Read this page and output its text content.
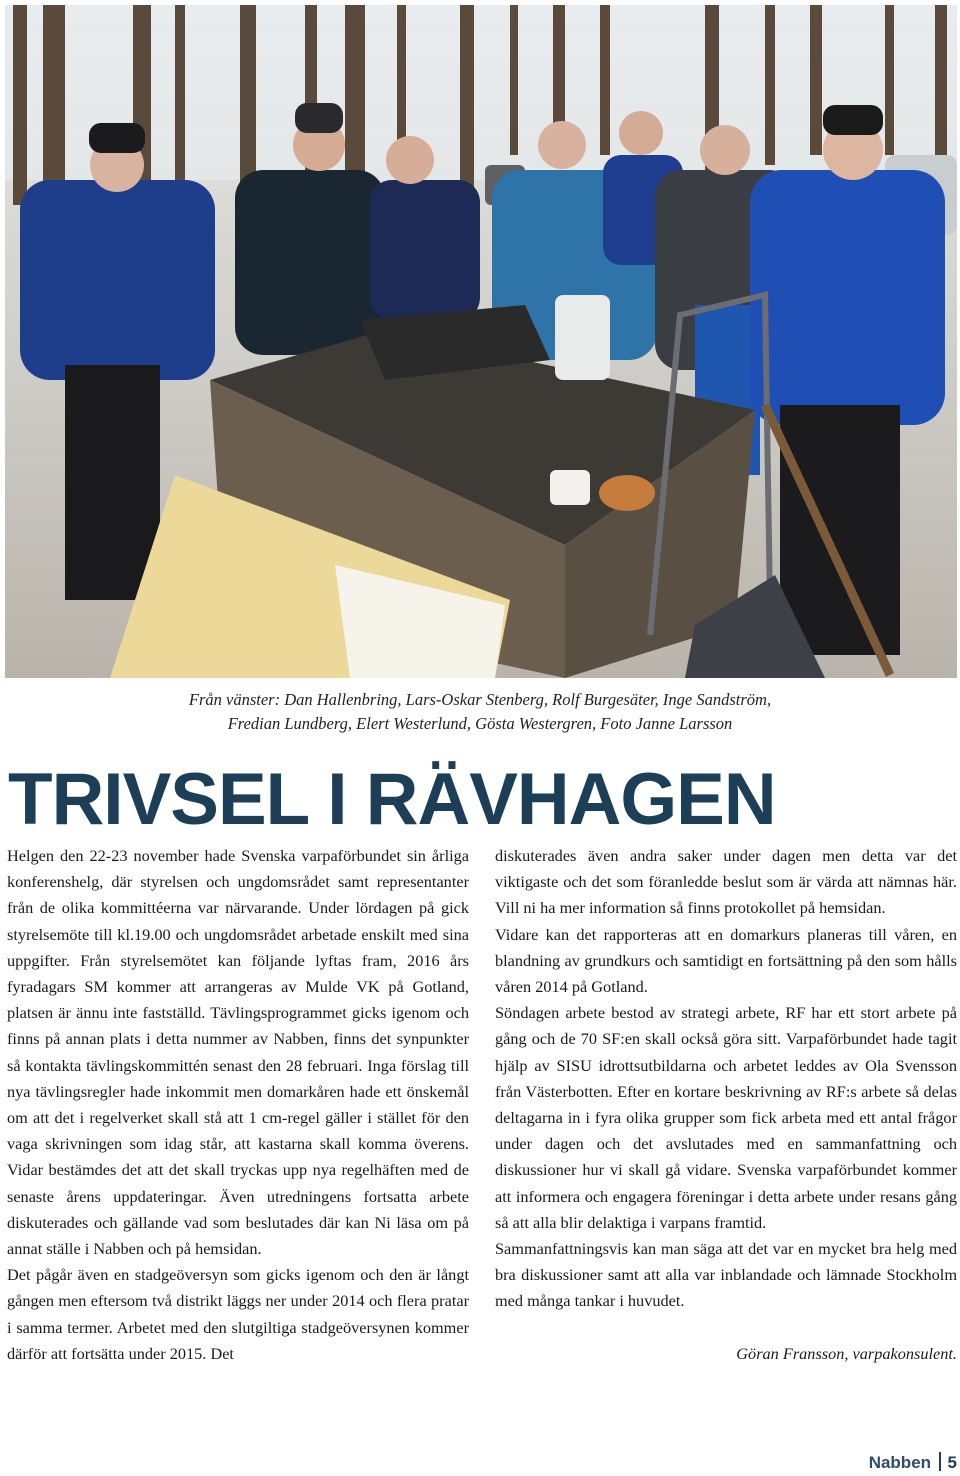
Från vänster: Dan Hallenbring, Lars-Oskar Stenberg, Rolf Burgesäter, Inge Sandström,
Fredian Lundberg, Elert Westerlund, Gösta Westergren, Foto Janne Larsson
TRIVSEL I RÄVHAGEN

Helgen den 22-23 november hade Svenska varpaförbundet sin årliga konferenshelg, där styrelsen och ungdomsrådet samt representanter från de olika kommittéerna var närvarande. Under lördagen på gick styrelsemöte till kl.19.00 och ungdomsrådet arbetade enskilt med sina uppgifter. Från styrelsemötet kan följande lyftas fram, 2016 års fyradagars SM kommer att arrangeras av Mulde VK på Gotland, platsen är ännu inte fastställd. Tävlingsprogrammet gicks igenom och finns på annan plats i detta nummer av Nabben, finns det synpunkter så kontakta tävlingskommittén senast den 28 februari. Inga förslag till nya tävlingsregler hade inkommit men domarkåren hade ett önskemål om att det i regelverket skall stå att 1 cm-regel gäller i stället för den vaga skrivningen som idag står, att kastarna skall komma överens. Vidar bestämdes det att det skall tryckas upp nya regelhäften med de senaste årens uppdateringar. Även utredningens fortsatta arbete diskuterades och gällande vad som beslutades där kan Ni läsa om på annat ställe i Nabben och på hemsidan.

Det pågår även en stadgeöversyn som gicks igenom och den är långt gången men eftersom två distrikt läggs ner under 2014 och flera pratar i samma termer. Arbetet med den slutgiltiga stadgeöversynen kommer därför att fortsätta under 2015. Det

diskuterades även andra saker under dagen men detta var det viktigaste och det som föranledde beslut som är värda att nämnas här. Vill ni ha mer information så finns protokollet på hemsidan.

Vidare kan det rapporteras att en domarkurs planeras till våren, en blandning av grundkurs och samtidigt en fortsättning på den som hålls våren 2014 på Gotland.

Söndagen arbete bestod av strategi arbete, RF har ett stort arbete på gång och de 70 SF:en skall också göra sitt. Varpaförbundet hade tagit hjälp av SISU idrottsutbildarna och arbetet leddes av Ola Svensson från Västerbotten. Efter en kortare beskrivning av RF:s arbete så delas deltagarna in i fyra olika grupper som fick arbeta med ett antal frågor under dagen och det avslutades med en sammanfattning och diskussioner hur vi skall gå vidare. Svenska varpaförbundet kommer att informera och engagera föreningar i detta arbete under resans gång så att alla blir delaktiga i varpans framtid.

Sammanfattningsvis kan man säga att det var en mycket bra helg med bra diskussioner samt att alla var inblandade och lämnade Stockholm med många tankar i huvudet.

Göran Fransson, varpakonsulent.

Nabben 5
